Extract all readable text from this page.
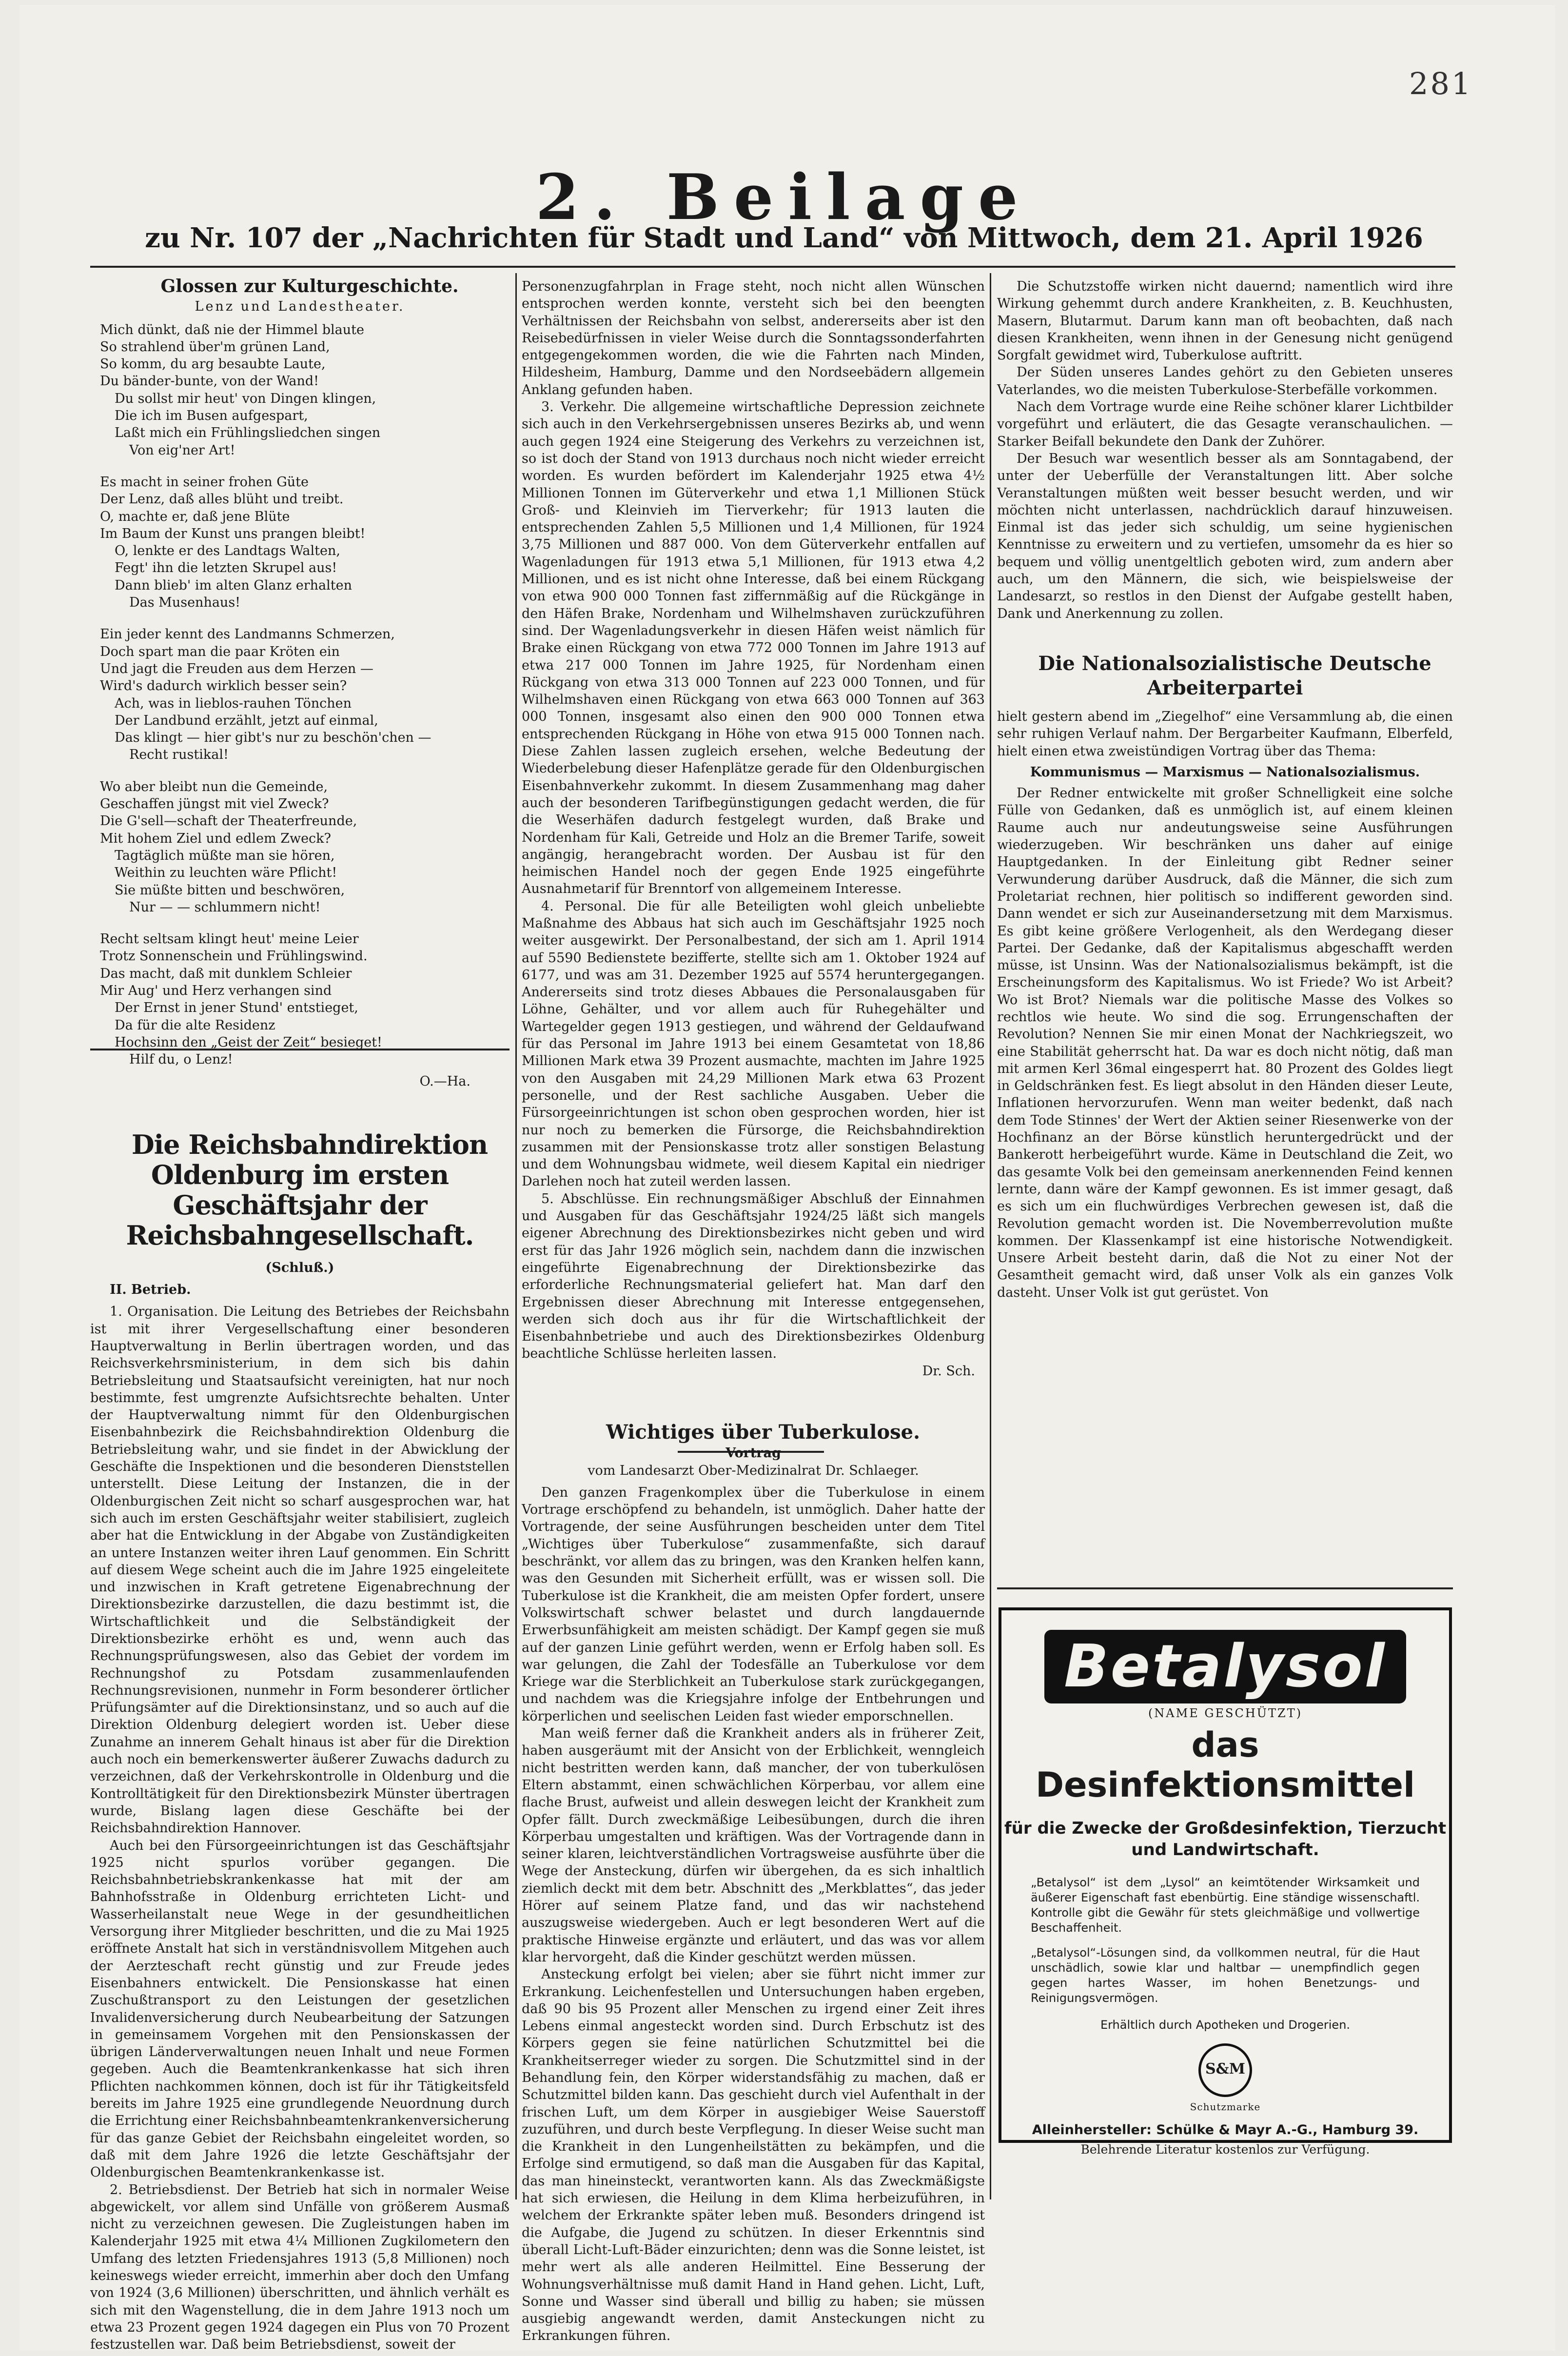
281
2. Beilage
zu Nr. 107 der „Nachrichten für Stadt und Land“ von Mittwoch, dem 21. April 1926

Glossen zur Kulturgeschichte.

Lenz und Landestheater.

Mich dünkt, daß nie der Himmel blaute
So strahlend über'm grünen Land,
So komm, du arg besaubte Laute,
Du bänder-bunte, von der Wand!
Du sollst mir heut' von Dingen klingen,
Die ich im Busen aufgespart,
Laßt mich ein Frühlingsliedchen singen
Von eig'ner Art!
Es macht in seiner frohen Güte
Der Lenz, daß alles blüht und treibt.
O, machte er, daß jene Blüte
Im Baum der Kunst uns prangen bleibt!
O, lenkte er des Landtags Walten,
Fegt' ihn die letzten Skrupel aus!
Dann blieb' im alten Glanz erhalten
Das Musenhaus!
Ein jeder kennt des Landmanns Schmerzen,
Doch spart man die paar Kröten ein
Und jagt die Freuden aus dem Herzen —
Wird's dadurch wirklich besser sein?
Ach, was in lieblos-rauhen Tönchen
Der Landbund erzählt, jetzt auf einmal,
Das klingt — hier gibt's nur zu beschön'chen —
Recht rustikal!
Wo aber bleibt nun die Gemeinde,
Geschaffen jüngst mit viel Zweck?
Die G'sell—schaft der Theaterfreunde,
Mit hohem Ziel und edlem Zweck?
Tagtäglich müßte man sie hören,
Weithin zu leuchten wäre Pflicht!
Sie müßte bitten und beschwören,
Nur — — schlummern nicht!
Recht seltsam klingt heut' meine Leier
Trotz Sonnenschein und Frühlingswind.
Das macht, daß mit dunklem Schleier
Mir Aug' und Herz verhangen sind
Der Ernst in jener Stund' entstieget,
Da für die alte Residenz
Hochsinn den „Geist der Zeit“ besieget!
Hilf du, o Lenz!

O.—Ha.

Die Reichsbahndirektion Oldenburg im ersten Geschäftsjahr der Reichsbahngesellschaft.

(Schluß.)

II. Betrieb.

1. Organisation. Die Leitung des Betriebes der Reichsbahn ist mit ihrer Vergesellschaftung einer besonderen Hauptverwaltung in Berlin übertragen worden, und das Reichsverkehrsministerium, in dem sich bis dahin Betriebsleitung und Staatsaufsicht vereinigten, hat nur noch bestimmte, fest umgrenzte Aufsichtsrechte behalten. Unter der Hauptverwaltung nimmt für den Oldenburgischen Eisenbahnbezirk die Reichsbahndirektion Oldenburg die Betriebsleitung wahr, und sie findet in der Abwicklung der Geschäfte die Inspektionen und die besonderen Dienststellen unterstellt. Diese Leitung der Instanzen, die in der Oldenburgischen Zeit nicht so scharf ausgesprochen war, hat sich auch im ersten Geschäftsjahr weiter stabilisiert, zugleich aber hat die Entwicklung in der Abgabe von Zuständigkeiten an untere Instanzen weiter ihren Lauf genommen. Ein Schritt auf diesem Wege scheint auch die im Jahre 1925 eingeleitete und inzwischen in Kraft getretene Eigenabrechnung der Direktionsbezirke darzustellen, die dazu bestimmt ist, die Wirtschaftlichkeit und die Selbständigkeit der Direktionsbezirke erhöht es und, wenn auch das Rechnungsprüfungswesen, also das Gebiet der vordem im Rechnungshof zu Potsdam zusammenlaufenden Rechnungsrevisionen, nunmehr in Form besonderer örtlicher Prüfungsämter auf die Direktionsinstanz, und so auch auf die Direktion Oldenburg delegiert worden ist. Ueber diese Zunahme an innerem Gehalt hinaus ist aber für die Direktion auch noch ein bemerkenswerter äußerer Zuwachs dadurch zu verzeichnen, daß der Verkehrskontrolle in Oldenburg und die Kontrolltätigkeit für den Direktionsbezirk Münster übertragen wurde, Bislang lagen diese Geschäfte bei der Reichsbahndirektion Hannover.

Auch bei den Fürsorgeeinrichtungen ist das Geschäftsjahr 1925 nicht spurlos vorüber gegangen. Die Reichsbahnbetriebskrankenkasse hat mit der am Bahnhofsstraße in Oldenburg errichteten Licht- und Wasserheilanstalt neue Wege in der gesundheitlichen Versorgung ihrer Mitglieder beschritten, und die zu Mai 1925 eröffnete Anstalt hat sich in verständnisvollem Mitgehen auch der Aerzteschaft recht günstig und zur Freude jedes Eisenbahners entwickelt. Die Pensionskasse hat einen Zuschußtransport zu den Leistungen der gesetzlichen Invalidenversicherung durch Neubearbeitung der Satzungen in gemeinsamem Vorgehen mit den Pensionskassen der übrigen Länderverwaltungen neuen Inhalt und neue Formen gegeben. Auch die Beamtenkrankenkasse hat sich ihren Pflichten nachkommen können, doch ist für ihr Tätigkeitsfeld bereits im Jahre 1925 eine grundlegende Neuordnung durch die Errichtung einer Reichsbahnbeamtenkrankenversicherung für das ganze Gebiet der Reichsbahn eingeleitet worden, so daß mit dem Jahre 1926 die letzte Geschäftsjahr der Oldenburgischen Beamtenkrankenkasse ist.

2. Betriebsdienst. Der Betrieb hat sich in normaler Weise abgewickelt, vor allem sind Unfälle von größerem Ausmaß nicht zu verzeichnen gewesen. Die Zugleistungen haben im Kalenderjahr 1925 mit etwa 4¼ Millionen Zugkilometern den Umfang des letzten Friedensjahres 1913 (5,8 Millionen) noch keineswegs wieder erreicht, immerhin aber doch den Umfang von 1924 (3,6 Millionen) überschritten, und ähnlich verhält es sich mit den Wagenstellung, die in dem Jahre 1913 noch um etwa 23 Prozent gegen 1924 dagegen ein Plus von 70 Prozent festzustellen war. Daß beim Betriebsdienst, soweit der

Personenzugfahrplan in Frage steht, noch nicht allen Wünschen entsprochen werden konnte, versteht sich bei den beengten Verhältnissen der Reichsbahn von selbst, andererseits aber ist den Reisebedürfnissen in vieler Weise durch die Sonntagssonderfahrten entgegengekommen worden, die wie die Fahrten nach Minden, Hildesheim, Hamburg, Damme und den Nordseebädern allgemein Anklang gefunden haben.

3. Verkehr. Die allgemeine wirtschaftliche Depression zeichnete sich auch in den Verkehrsergebnissen unseres Bezirks ab, und wenn auch gegen 1924 eine Steigerung des Verkehrs zu verzeichnen ist, so ist doch der Stand von 1913 durchaus noch nicht wieder erreicht worden. Es wurden befördert im Kalenderjahr 1925 etwa 4½ Millionen Tonnen im Güterverkehr und etwa 1,1 Millionen Stück Groß- und Kleinvieh im Tierverkehr; für 1913 lauten die entsprechenden Zahlen 5,5 Millionen und 1,4 Millionen, für 1924 3,75 Millionen und 887 000. Von dem Güterverkehr entfallen auf Wagenladungen für 1913 etwa 5,1 Millionen, für 1913 etwa 4,2 Millionen, und es ist nicht ohne Interesse, daß bei einem Rückgang von etwa 900 000 Tonnen fast ziffernmäßig auf die Rückgänge in den Häfen Brake, Nordenham und Wilhelmshaven zurückzuführen sind. Der Wagenladungsverkehr in diesen Häfen weist nämlich für Brake einen Rückgang von etwa 772 000 Tonnen im Jahre 1913 auf etwa 217 000 Tonnen im Jahre 1925, für Nordenham einen Rückgang von etwa 313 000 Tonnen auf 223 000 Tonnen, und für Wilhelmshaven einen Rückgang von etwa 663 000 Tonnen auf 363 000 Tonnen, insgesamt also einen den 900 000 Tonnen etwa entsprechenden Rückgang in Höhe von etwa 915 000 Tonnen nach. Diese Zahlen lassen zugleich ersehen, welche Bedeutung der Wiederbelebung dieser Hafenplätze gerade für den Oldenburgischen Eisenbahnverkehr zukommt. In diesem Zusammenhang mag daher auch der besonderen Tarifbegünstigungen gedacht werden, die für die Weserhäfen dadurch festgelegt wurden, daß Brake und Nordenham für Kali, Getreide und Holz an die Bremer Tarife, soweit angängig, herangebracht worden. Der Ausbau ist für den heimischen Handel noch der gegen Ende 1925 eingeführte Ausnahmetarif für Brenntorf von allgemeinem Interesse.

4. Personal. Die für alle Beteiligten wohl gleich unbeliebte Maßnahme des Abbaus hat sich auch im Geschäftsjahr 1925 noch weiter ausgewirkt. Der Personalbestand, der sich am 1. April 1914 auf 5590 Bedienstete bezifferte, stellte sich am 1. Oktober 1924 auf 6177, und was am 31. Dezember 1925 auf 5574 heruntergegangen. Andererseits sind trotz dieses Abbaues die Personalausgaben für Löhne, Gehälter, und vor allem auch für Ruhegehälter und Wartegelder gegen 1913 gestiegen, und während der Geldaufwand für das Personal im Jahre 1913 bei einem Gesamtetat von 18,86 Millionen Mark etwa 39 Prozent ausmachte, machten im Jahre 1925 von den Ausgaben mit 24,29 Millionen Mark etwa 63 Prozent personelle, und der Rest sachliche Ausgaben. Ueber die Fürsorgeeinrichtungen ist schon oben gesprochen worden, hier ist nur noch zu bemerken die Fürsorge, die Reichsbahndirektion zusammen mit der Pensionskasse trotz aller sonstigen Belastung und dem Wohnungsbau widmete, weil diesem Kapital ein niedriger Darlehen noch hat zuteil werden lassen.

5. Abschlüsse. Ein rechnungsmäßiger Abschluß der Einnahmen und Ausgaben für das Geschäftsjahr 1924/25 läßt sich mangels eigener Abrechnung des Direktionsbezirkes nicht geben und wird erst für das Jahr 1926 möglich sein, nachdem dann die inzwischen eingeführte Eigenabrechnung der Direktionsbezirke das erforderliche Rechnungsmaterial geliefert hat. Man darf den Ergebnissen dieser Abrechnung mit Interesse entgegensehen, werden sich doch aus ihr für die Wirtschaftlichkeit der Eisenbahnbetriebe und auch des Direktionsbezirkes Oldenburg beachtliche Schlüsse herleiten lassen.

Dr. Sch.

Wichtiges über Tuberkulose.

Vortrag

vom Landesarzt Ober-Medizinalrat Dr. Schlaeger.

Den ganzen Fragenkomplex über die Tuberkulose in einem Vortrage erschöpfend zu behandeln, ist unmöglich. Daher hatte der Vortragende, der seine Ausführungen bescheiden unter dem Titel „Wichtiges über Tuberkulose“ zusammenfaßte, sich darauf beschränkt, vor allem das zu bringen, was den Kranken helfen kann, was den Gesunden mit Sicherheit erfüllt, was er wissen soll. Die Tuberkulose ist die Krankheit, die am meisten Opfer fordert, unsere Volkswirtschaft schwer belastet und durch langdauernde Erwerbsunfähigkeit am meisten schädigt. Der Kampf gegen sie muß auf der ganzen Linie geführt werden, wenn er Erfolg haben soll. Es war gelungen, die Zahl der Todesfälle an Tuberkulose vor dem Kriege war die Sterblichkeit an Tuberkulose stark zurückgegangen, und nachdem was die Kriegsjahre infolge der Entbehrungen und körperlichen und seelischen Leiden fast wieder emporschnellen.

Man weiß ferner daß die Krankheit anders als in früherer Zeit, haben ausgeräumt mit der Ansicht von der Erblichkeit, wenngleich nicht bestritten werden kann, daß mancher, der von tuberkulösen Eltern abstammt, einen schwächlichen Körperbau, vor allem eine flache Brust, aufweist und allein deswegen leicht der Krankheit zum Opfer fällt. Durch zweckmäßige Leibesübungen, durch die ihren Körperbau umgestalten und kräftigen. Was der Vortragende dann in seiner klaren, leichtverständlichen Vortragsweise ausführte über die Wege der Ansteckung, dürfen wir übergehen, da es sich inhaltlich ziemlich deckt mit dem betr. Abschnitt des „Merkblattes“, das jeder Hörer auf seinem Platze fand, und das wir nachstehend auszugsweise wiedergeben. Auch er legt besonderen Wert auf die praktische Hinweise ergänzte und erläutert, und das was vor allem klar hervorgeht, daß die Kinder geschützt werden müssen.

Ansteckung erfolgt bei vielen; aber sie führt nicht immer zur Erkrankung. Leichenfestellen und Untersuchungen haben ergeben, daß 90 bis 95 Prozent aller Menschen zu irgend einer Zeit ihres Lebens einmal angesteckt worden sind. Durch Erbschutz ist des Körpers gegen sie feine natürlichen Schutzmittel bei die Krankheitserreger wieder zu sorgen. Die Schutzmittel sind in der Behandlung fein, den Körper widerstandsfähig zu machen, daß er Schutzmittel bilden kann. Das geschieht durch viel Aufenthalt in der frischen Luft, um dem Körper in ausgiebiger Weise Sauerstoff zuzuführen, und durch beste Verpflegung. In dieser Weise sucht man die Krankheit in den Lungenheilstätten zu bekämpfen, und die Erfolge sind ermutigend, so daß man die Ausgaben für das Kapital, das man hineinsteckt, verantworten kann. Als das Zweckmäßigste hat sich erwiesen, die Heilung in dem Klima herbeizuführen, in welchem der Erkrankte später leben muß. Besonders dringend ist die Aufgabe, die Jugend zu schützen. In dieser Erkenntnis sind überall Licht-Luft-Bäder einzurichten; denn was die Sonne leistet, ist mehr wert als alle anderen Heilmittel. Eine Besserung der Wohnungsverhältnisse muß damit Hand in Hand gehen. Licht, Luft, Sonne und Wasser sind überall und billig zu haben; sie müssen ausgiebig angewandt werden, damit Ansteckungen nicht zu Erkrankungen führen.

Die Schutzstoffe wirken nicht dauernd; namentlich wird ihre Wirkung gehemmt durch andere Krankheiten, z. B. Keuchhusten, Masern, Blutarmut. Darum kann man oft beobachten, daß nach diesen Krankheiten, wenn ihnen in der Genesung nicht genügend Sorgfalt gewidmet wird, Tuberkulose auftritt.

Der Süden unseres Landes gehört zu den Gebieten unseres Vaterlandes, wo die meisten Tuberkulose-Sterbefälle vorkommen.

Nach dem Vortrage wurde eine Reihe schöner klarer Lichtbilder vorgeführt und erläutert, die das Gesagte veranschaulichen. — Starker Beifall bekundete den Dank der Zuhörer.

Der Besuch war wesentlich besser als am Sonntagabend, der unter der Ueberfülle der Veranstaltungen litt. Aber solche Veranstaltungen müßten weit besser besucht werden, und wir möchten nicht unterlassen, nachdrücklich darauf hinzuweisen. Einmal ist das jeder sich schuldig, um seine hygienischen Kenntnisse zu erweitern und zu vertiefen, umsomehr da es hier so bequem und völlig unentgeltlich geboten wird, zum andern aber auch, um den Männern, die sich, wie beispielsweise der Landesarzt, so restlos in den Dienst der Aufgabe gestellt haben, Dank und Anerkennung zu zollen.

Die Nationalsozialistische Deutsche Arbeiterpartei

hielt gestern abend im „Ziegelhof“ eine Versammlung ab, die einen sehr ruhigen Verlauf nahm. Der Bergarbeiter Kaufmann, Elberfeld, hielt einen etwa zweistündigen Vortrag über das Thema:

Kommunismus — Marxismus — Nationalsozialismus.

Der Redner entwickelte mit großer Schnelligkeit eine solche Fülle von Gedanken, daß es unmöglich ist, auf einem kleinen Raume auch nur andeutungsweise seine Ausführungen wiederzugeben. Wir beschränken uns daher auf einige Hauptgedanken. In der Einleitung gibt Redner seiner Verwunderung darüber Ausdruck, daß die Männer, die sich zum Proletariat rechnen, hier politisch so indifferent geworden sind. Dann wendet er sich zur Auseinandersetzung mit dem Marxismus. Es gibt keine größere Verlogenheit, als den Werdegang dieser Partei. Der Gedanke, daß der Kapitalismus abgeschafft werden müsse, ist Unsinn. Was der Nationalsozialismus bekämpft, ist die Erscheinungsform des Kapitalismus. Wo ist Friede? Wo ist Arbeit? Wo ist Brot? Niemals war die politische Masse des Volkes so rechtlos wie heute. Wo sind die sog. Errungenschaften der Revolution? Nennen Sie mir einen Monat der Nachkriegszeit, wo eine Stabilität geherrscht hat. Da war es doch nicht nötig, daß man mit armen Kerl 36mal eingesperrt hat. 80 Prozent des Goldes liegt in Geldschränken fest. Es liegt absolut in den Händen dieser Leute, Inflationen hervorzurufen. Wenn man weiter bedenkt, daß nach dem Tode Stinnes' der Wert der Aktien seiner Riesenwerke von der Hochfinanz an der Börse künstlich heruntergedrückt und der Bankerott herbeigeführt wurde. Käme in Deutschland die Zeit, wo das gesamte Volk bei den gemeinsam anerkennenden Feind kennen lernte, dann wäre der Kampf gewonnen. Es ist immer gesagt, daß es sich um ein fluchwürdiges Verbrechen gewesen ist, daß die Revolution gemacht worden ist. Die Novemberrevolution mußte kommen. Der Klassenkampf ist eine historische Notwendigkeit. Unsere Arbeit besteht darin, daß die Not zu einer Not der Gesamtheit gemacht wird, daß unser Volk als ein ganzes Volk dasteht. Unser Volk ist gut gerüstet. Von

Betalysol
(NAME GESCHÜTZT)
das Desinfektionsmittel
für die Zwecke der Großdesinfektion, Tierzucht und Landwirtschaft.
„Betalysol“ ist dem „Lysol“ an keimtötender Wirksamkeit und äußerer Eigenschaft fast ebenbürtig. Eine ständige wissenschaftl. Kontrolle gibt die Gewähr für stets gleichmäßige und vollwertige Beschaffenheit.
„Betalysol“-Lösungen sind, da vollkommen neutral, für die Haut unschädlich, sowie klar und haltbar — unempfindlich gegen gegen hartes Wasser, im hohen Benetzungs- und Reinigungsvermögen.
Erhältlich durch Apotheken und Drogerien.
S&M
Schutzmarke
Alleinhersteller: Schülke & Mayr A.-G., Hamburg 39.
Belehrende Literatur kostenlos zur Verfügung.
